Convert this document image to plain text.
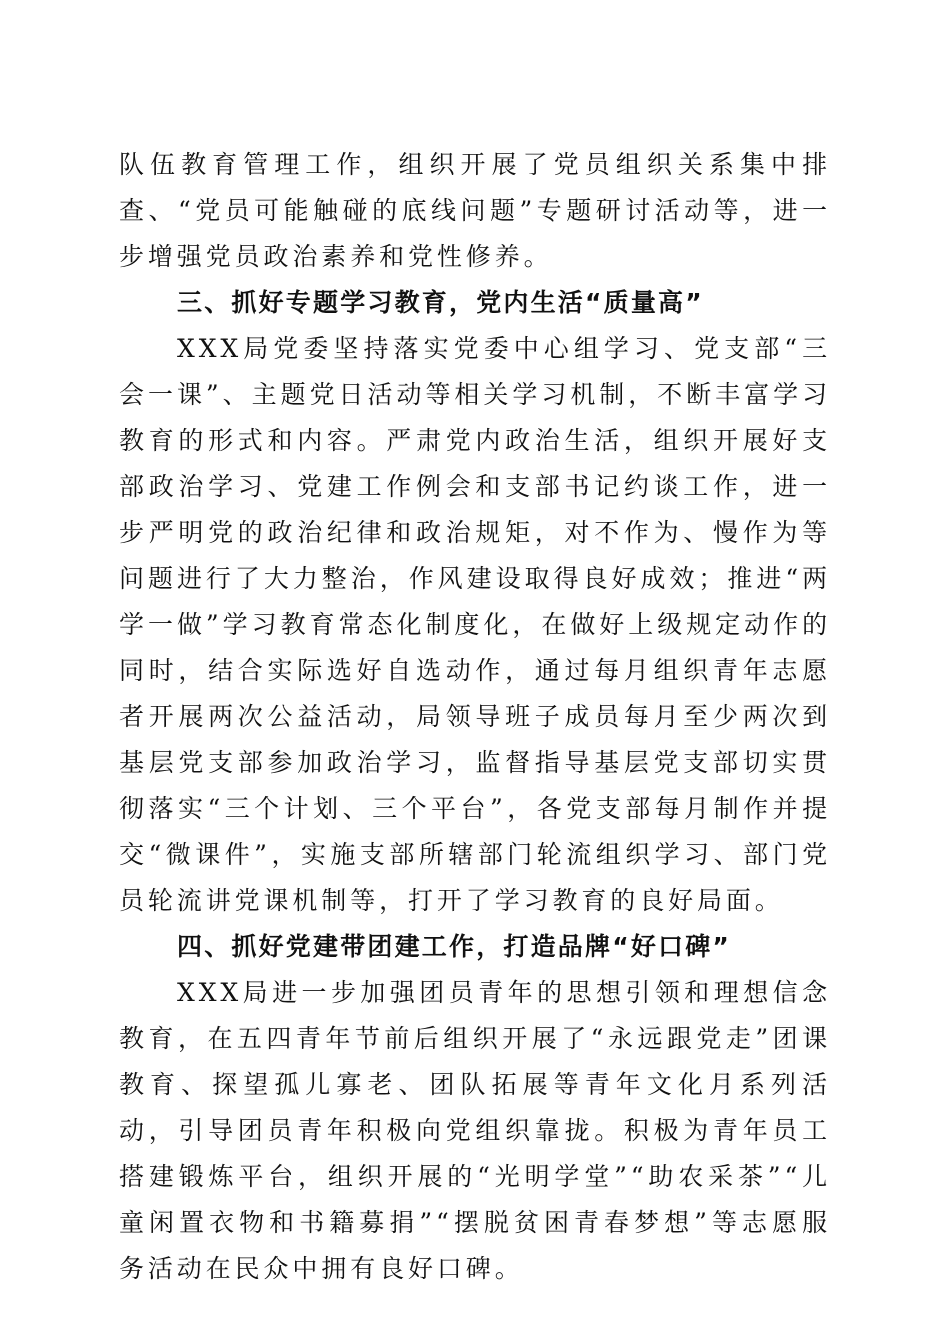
队伍教育管理工作，组织开展了党员组织关系集中排查、“党员可能触碰的底线问题”专题研讨活动等，进一步增强党员政治素养和党性修养。

三、抓好专题学习教育，党内生活“质量高”

XXX局党委坚持落实党委中心组学习、党支部“三会一课”、主题党日活动等相关学习机制，不断丰富学习教育的形式和内容。严肃党内政治生活，组织开展好支部政治学习、党建工作例会和支部书记约谈工作，进一步严明党的政治纪律和政治规矩，对不作为、慢作为等问题进行了大力整治，作风建设取得良好成效；推进“两学一做”学习教育常态化制度化，在做好上级规定动作的同时，结合实际选好自选动作，通过每月组织青年志愿者开展两次公益活动，局领导班子成员每月至少两次到基层党支部参加政治学习，监督指导基层党支部切实贯彻落实“三个计划、三个平台”，各党支部每月制作并提交“微课件”，实施支部所辖部门轮流组织学习、部门党员轮流讲党课机制等，打开了学习教育的良好局面。

四、抓好党建带团建工作，打造品牌“好口碑”

XXX局进一步加强团员青年的思想引领和理想信念教育，在五四青年节前后组织开展了“永远跟党走”团课教育、探望孤儿寡老、团队拓展等青年文化月系列活动，引导团员青年积极向党组织靠拢。积极为青年员工搭建锻炼平台，组织开展的“光明学堂”“助农采茶”“儿童闲置衣物和书籍募捐”“摆脱贫困青春梦想”等志愿服务活动在民众中拥有良好口碑。
